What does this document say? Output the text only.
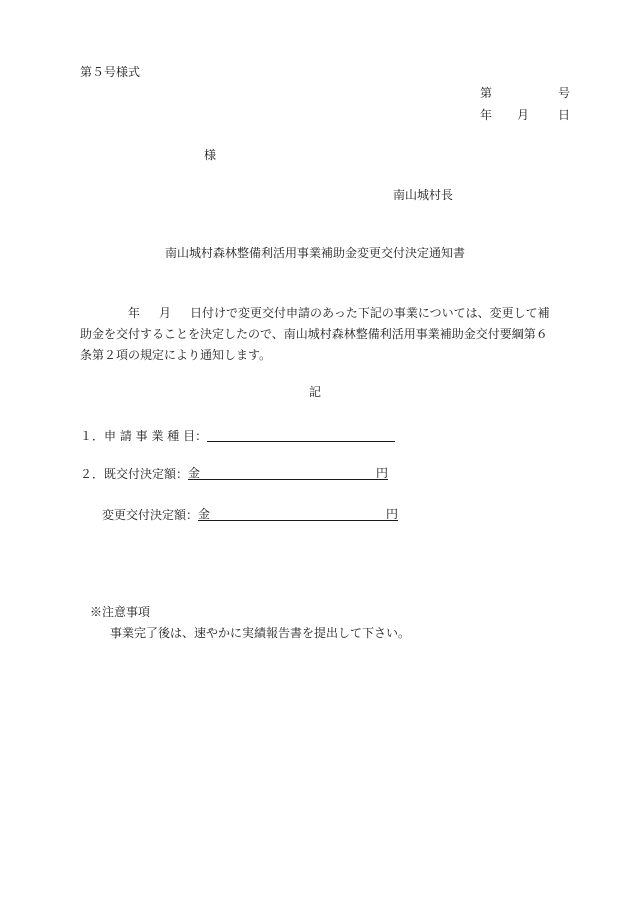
第５号様式
第	号
年 月 日
様
南山城村長
南山城村森林整備利活用事業補助金変更交付決定通知書
年 月 日付けで変更交付申請のあった下記の事業については、変更して補
助金を交付することを決定したので、南山城村森林整備利活用事業補助金交付要綱第６
条第２項の規定により通知します。
記
１．申 請 事 業 種 目：
２．既交付決定額： 金	円
変更交付決定額： 金	円
※注意事項
事業完了後は、速やかに実績報告書を提出して下さい。
